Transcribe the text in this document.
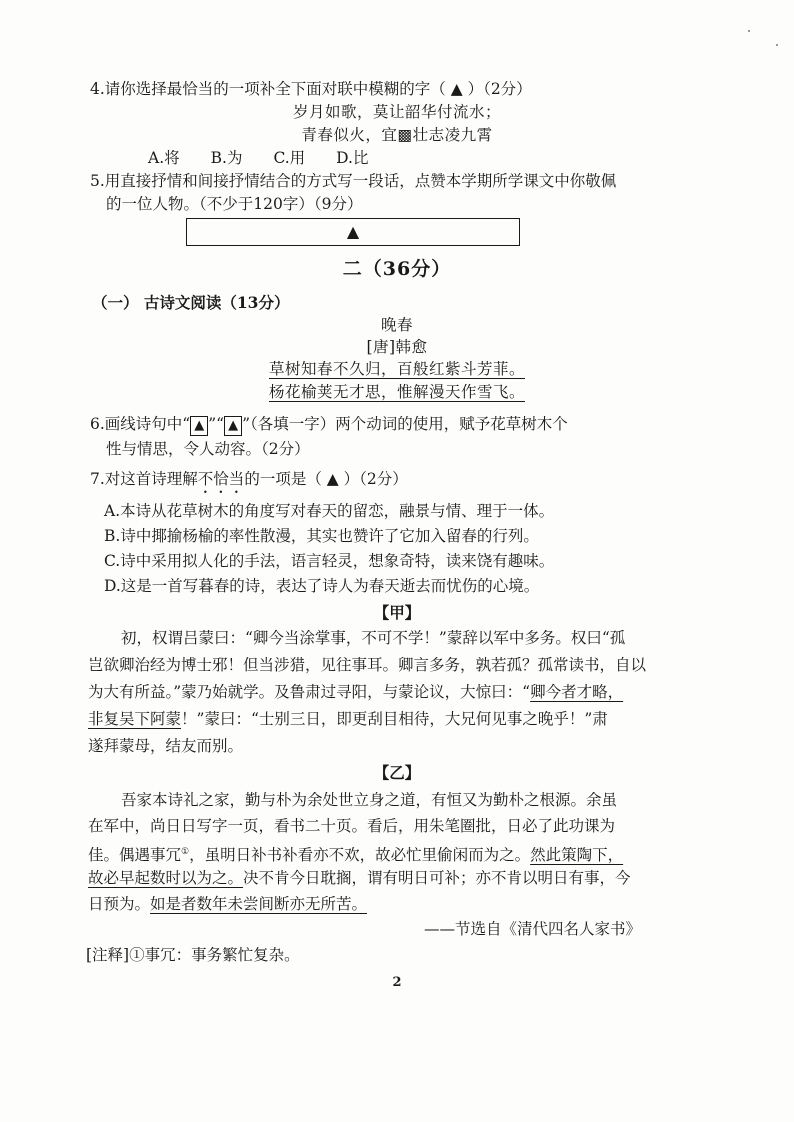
4.请你选择最恰当的一项补全下面对联中模糊的字（ ▲ ）（2分）
岁月如歌，莫让韶华付流水；
青春似火，宜▩壮志凌九霄
A.将　　B.为　　C.用　　D.比
5.用直接抒情和间接抒情结合的方式写一段话，点赞本学期所学课文中你敬佩
的一位人物。（不少于120字）（9分）
▲
二（36分）
（一） 古诗文阅读（13分）
晚春
[唐]韩愈
草树知春不久归，百般红紫斗芳菲。
杨花榆荚无才思，惟解漫天作雪飞。
6.画线诗句中“ ▲ ”“ ▲ ”（各填一字）两个动词的使用，赋予花草树木个
性与情思，令人动容。（2分）
7.对这首诗理解不恰当的一项是（ ▲ ）（2分）
A.本诗从花草树木的角度写对春天的留恋，融景与情、理于一体。
B.诗中揶揄杨榆的率性散漫，其实也赞许了它加入留春的行列。
C.诗中采用拟人化的手法，语言轻灵，想象奇特，读来饶有趣味。
D.这是一首写暮春的诗，表达了诗人为春天逝去而忧伤的心境。
【甲】
初，权谓吕蒙曰：“卿今当涂掌事，不可不学！”蒙辞以军中多务。权曰“孤
岂欲卿治经为博士邪！但当涉猎，见往事耳。卿言多务，孰若孤？孤常读书，自以
为大有所益。”蒙乃始就学。及鲁肃过寻阳，与蒙论议，大惊曰：“卿今者才略，
非复吴下阿蒙！”蒙曰：“士别三日，即更刮目相待，大兄何见事之晚乎！”肃
遂拜蒙母，结友而别。
【乙】
吾家本诗礼之家，勤与朴为余处世立身之道，有恒又为勤朴之根源。余虽
在军中，尚日日写字一页，看书二十页。看后，用朱笔圈批，日必了此功课为
佳。偶遇事冗①，虽明日补书补看亦不欢，故必忙里偷闲而为之。然此策陶下，
故必早起数时以为之。决不肯今日耽搁，谓有明日可补；亦不肯以明日有事，今
日预为。如是者数年未尝间断亦无所苦。
——节选自《清代四名人家书》
[注释]①事冗：事务繁忙复杂。
2
